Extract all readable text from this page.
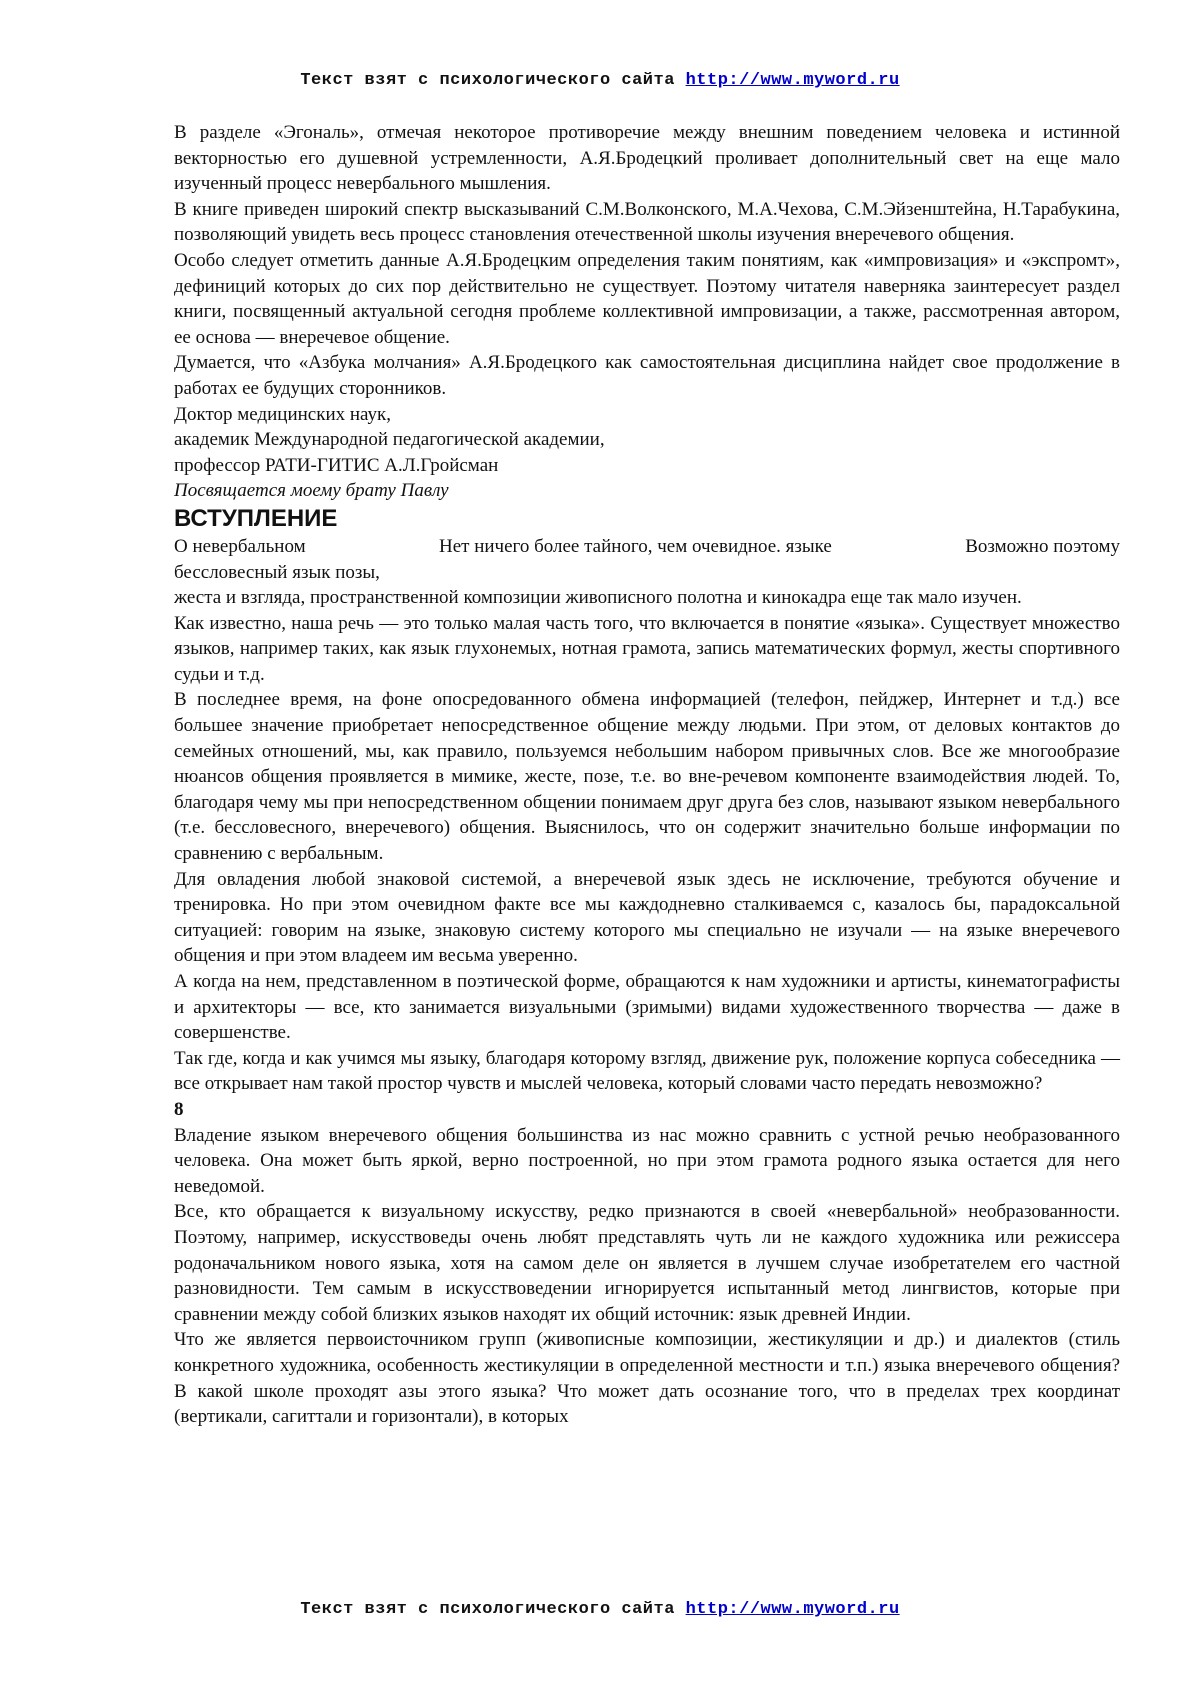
Текст взят с психологического сайта http://www.myword.ru

В разделе «Эгональ», отмечая некоторое противоречие между внешним поведением человека и истинной векторностью его душевной устремленности, А.Я.Бродецкий проливает дополнительный свет на еще мало изученный процесс невербального мышления.

В книге приведен широкий спектр высказываний С.М.Волконского, М.А.Чехова, С.М.Эйзенштейна, Н.Тарабукина, позволяющий увидеть весь процесс становления отечественной школы изучения внеречевого общения.

Особо следует отметить данные А.Я.Бродецким определения таким понятиям, как «импровизация» и «экспромт», дефиниций которых до сих пор действительно не существует. Поэтому читателя наверняка заинтересует раздел книги, посвященный актуальной сегодня проблеме коллективной импровизации, а также, рассмотренная автором, ее основа — внеречевое общение.

Думается, что «Азбука молчания» А.Я.Бродецкого как самостоятельная дисциплина найдет свое продолжение в работах ее будущих сторонников.

Доктор медицинских наук,

академик Международной педагогической академии,

профессор РАТИ-ГИТИС А.Л.Гройсман

Посвящается моему брату Павлу

ВСТУПЛЕНИЕ
О невербальном	Нет ничего более тайного, чем очевидное. языке	Возможно поэтому

бессловесный язык позы,

жеста и взгляда, пространственной композиции живописного полотна и кинокадра еще так мало изучен.

Как известно, наша речь — это только малая часть того, что включается в понятие «языка». Существует множество языков, например таких, как язык глухонемых, нотная грамота, запись математических формул, жесты спортивного судьи и т.д.

В последнее время, на фоне опосредованного обмена информацией (телефон, пейджер, Интернет и т.д.) все большее значение приобретает непосредственное общение между людьми. При этом, от деловых контактов до семейных отношений, мы, как правило, пользуемся небольшим набором привычных слов. Все же многообразие нюансов общения проявляется в мимике, жесте, позе, т.е. во вне-речевом компоненте взаимодействия людей. То, благодаря чему мы при непосредственном общении понимаем друг друга без слов, называют языком невербального (т.е. бессловесного, внеречевого) общения. Выяснилось, что он содержит значительно больше информации по сравнению с вербальным.

Для овладения любой знаковой системой, а внеречевой язык здесь не исключение, требуются обучение и тренировка. Но при этом очевидном факте все мы каждодневно сталкиваемся с, казалось бы, парадоксальной ситуацией: говорим на языке, знаковую систему которого мы специально не изучали — на языке внеречевого общения и при этом владеем им весьма уверенно.

А когда на нем, представленном в поэтической форме, обращаются к нам художники и артисты, кинематографисты и архитекторы — все, кто занимается визуальными (зримыми) видами художественного творчества — даже в совершенстве.

Так где, когда и как учимся мы языку, благодаря которому взгляд, движение рук, положение корпуса собеседника — все открывает нам такой простор чувств и мыслей человека, который словами часто передать невозможно?

8

Владение языком внеречевого общения большинства из нас можно сравнить с устной речью необразованного человека. Она может быть яркой, верно построенной, но при этом грамота родного языка остается для него неведомой.

Все, кто обращается к визуальному искусству, редко признаются в своей «невербальной» необразованности. Поэтому, например, искусствоведы очень любят представлять чуть ли не каждого художника или режиссера родоначальником нового языка, хотя на самом деле он является в лучшем случае изобретателем его частной разновидности. Тем самым в искусствоведении игнорируется испытанный метод лингвистов, которые при сравнении между собой близких языков находят их общий источник: язык древней Индии.

Что же является первоисточником групп (живописные композиции, жестикуляции и др.) и диалектов (стиль конкретного художника, особенность жестикуляции в определенной местности и т.п.) языка внеречевого общения? В какой школе проходят азы этого языка? Что может дать осознание того, что в пределах трех координат (вертикали, сагиттали и горизонтали), в которых

Текст взят с психологического сайта http://www.myword.ru
